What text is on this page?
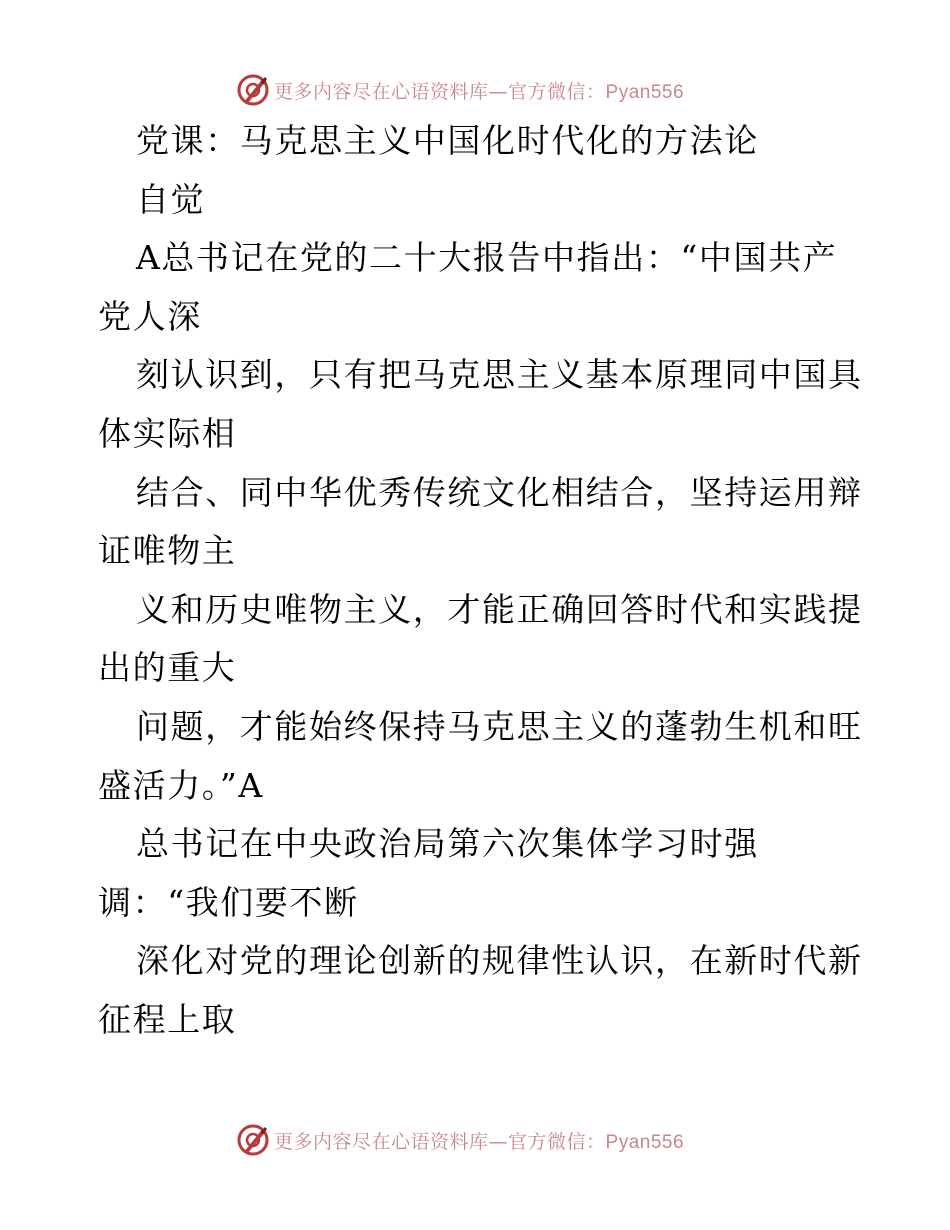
更多内容尽在心语资料库—官方微信：Pyan556
党课：马克思主义中国化时代化的方法论
自觉
A总书记在党的二十大报告中指出：“中国共产
党人深
刻认识到，只有把马克思主义基本原理同中国具
体实际相
结合、同中华优秀传统文化相结合，坚持运用辩
证唯物主
义和历史唯物主义，才能正确回答时代和实践提
出的重大
问题，才能始终保持马克思主义的蓬勃生机和旺
盛活力。”A
总书记在中央政治局第六次集体学习时强
调：“我们要不断
深化对党的理论创新的规律性认识，在新时代新
征程上取
更多内容尽在心语资料库—官方微信：Pyan556
